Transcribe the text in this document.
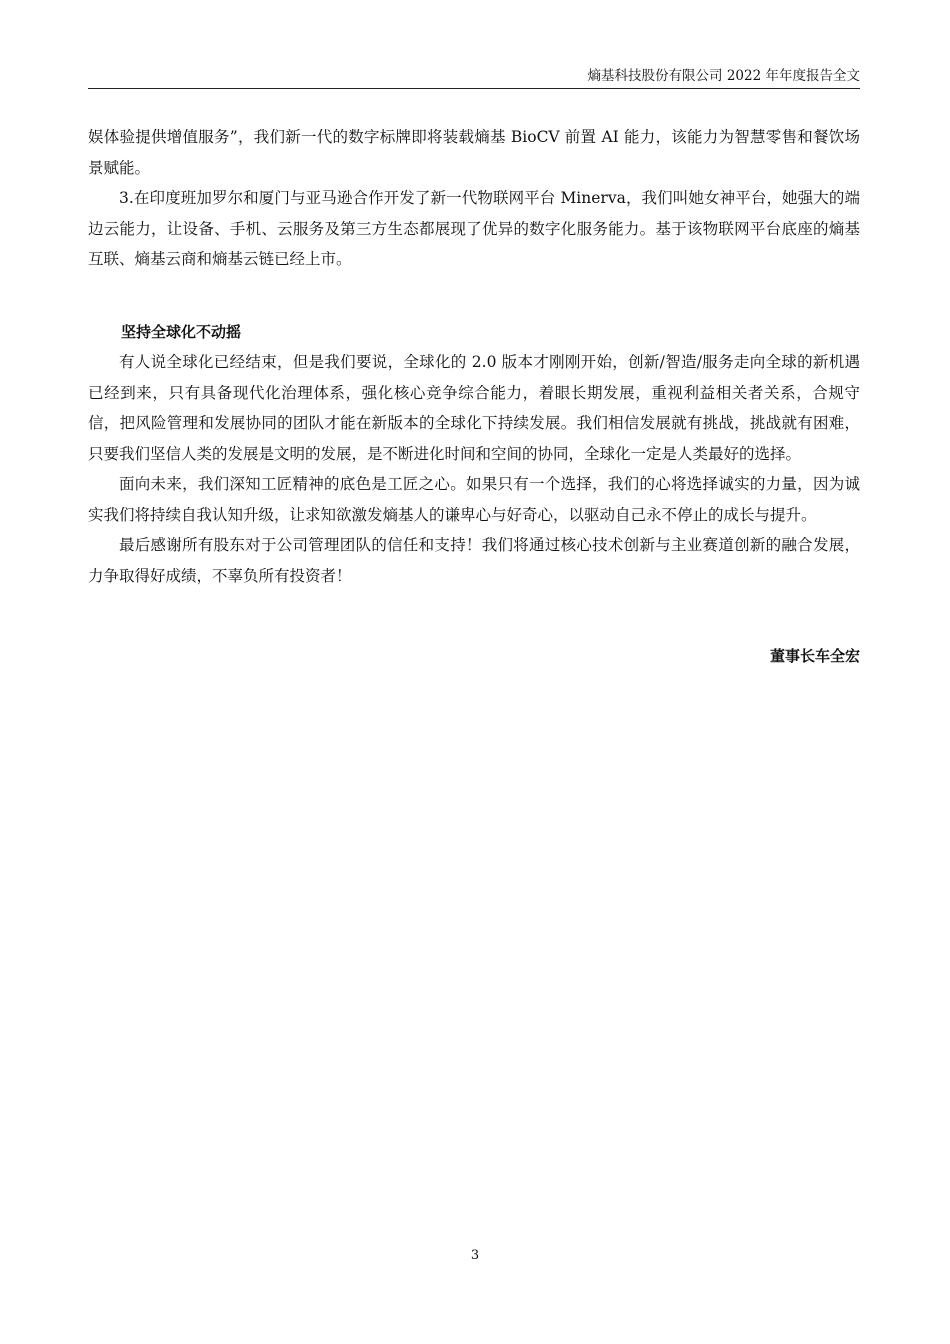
熵基科技股份有限公司 2022 年年度报告全文

娱体验提供增值服务”，我们新一代的数字标牌即将装载熵基 BioCV 前置 AI 能力，该能力为智慧零售和餐饮场景赋能。

3.在印度班加罗尔和厦门与亚马逊合作开发了新一代物联网平台 Minerva，我们叫她女神平台，她强大的端边云能力，让设备、手机、云服务及第三方生态都展现了优异的数字化服务能力。基于该物联网平台底座的熵基互联、熵基云商和熵基云链已经上市。

坚持全球化不动摇

有人说全球化已经结束，但是我们要说，全球化的 2.0 版本才刚刚开始，创新/智造/服务走向全球的新机遇已经到来，只有具备现代化治理体系，强化核心竞争综合能力，着眼长期发展，重视利益相关者关系，合规守信，把风险管理和发展协同的团队才能在新版本的全球化下持续发展。我们相信发展就有挑战，挑战就有困难，只要我们坚信人类的发展是文明的发展，是不断进化时间和空间的协同，全球化一定是人类最好的选择。

面向未来，我们深知工匠精神的底色是工匠之心。如果只有一个选择，我们的心将选择诚实的力量，因为诚实我们将持续自我认知升级，让求知欲激发熵基人的谦卑心与好奇心，以驱动自己永不停止的成长与提升。

最后感谢所有股东对于公司管理团队的信任和支持！我们将通过核心技术创新与主业赛道创新的融合发展，力争取得好成绩，不辜负所有投资者！

董事长车全宏

3
